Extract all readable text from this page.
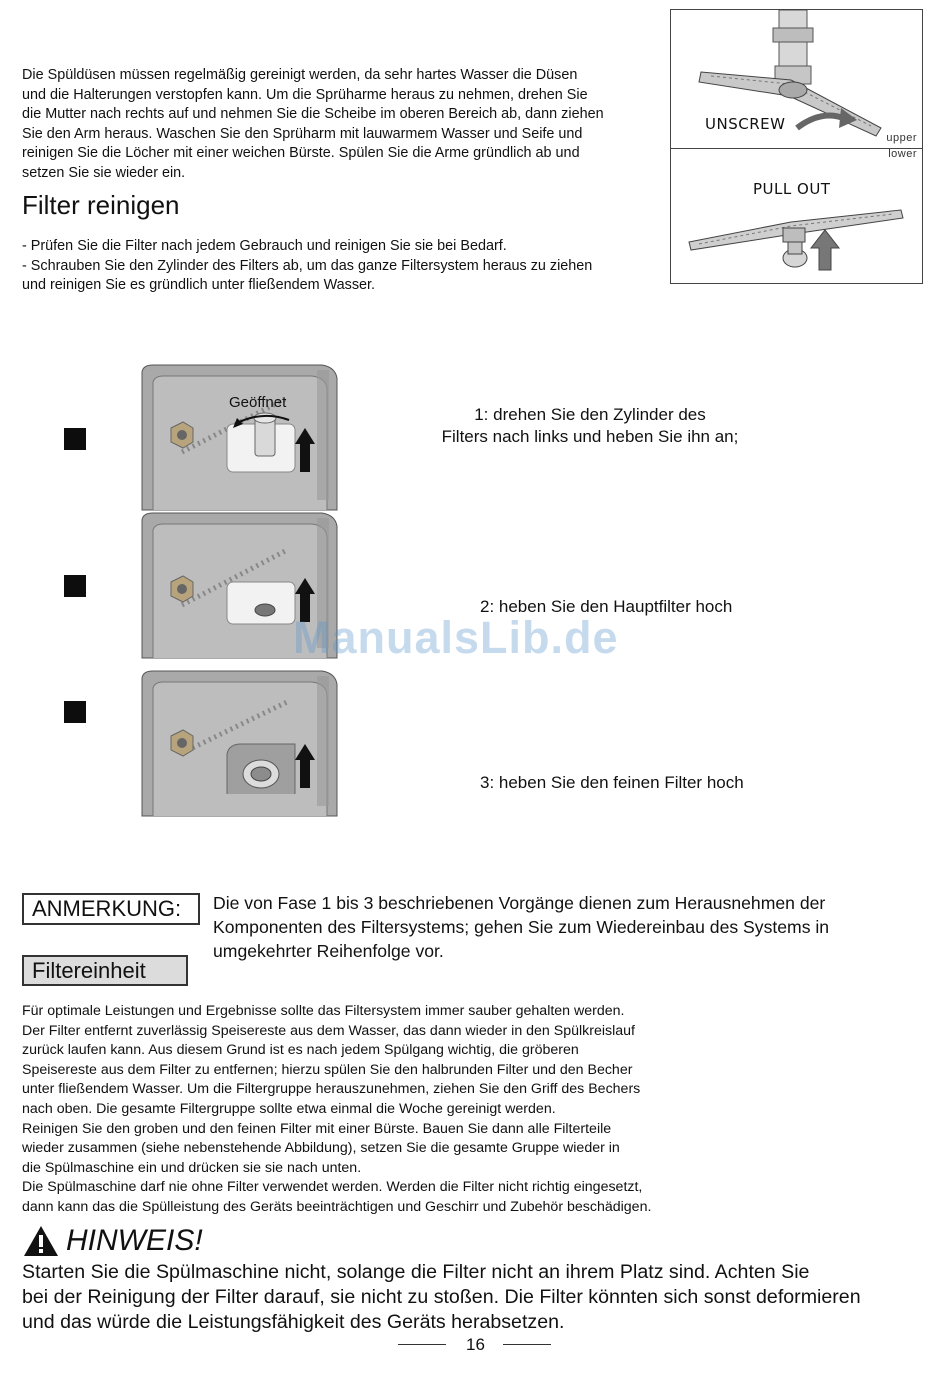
Die Spüldüsen müssen regelmäßig gereinigt werden, da sehr hartes Wasser die Düsen

und die Halterungen verstopfen kann. Um die Sprüharme heraus zu nehmen, drehen Sie

die Mutter nach rechts auf und nehmen Sie die Scheibe im oberen Bereich ab, dann ziehen

Sie den Arm heraus. Waschen Sie den Sprüharm mit lauwarmem Wasser und Seife und

reinigen Sie die Löcher mit einer weichen Bürste. Spülen Sie die Arme gründlich ab und

setzen Sie sie wieder ein.

Filter reinigen

- Prüfen Sie die Filter nach jedem Gebrauch und reinigen Sie sie bei Bedarf.

- Schrauben Sie den Zylinder des Filters ab, um das ganze Filtersystem heraus zu ziehen

und reinigen Sie es gründlich unter fließendem Wasser.

UNSCREW
upper
lower
PULL OUT
Geöffnet
1: drehen Sie den Zylinder des
Filters nach links und heben Sie ihn an;
2: heben Sie den Hauptfilter hoch
3: heben Sie den feinen Filter hoch
ManualsLib.de
ANMERKUNG:	Die von Fase 1 bis 3 beschriebenen Vorgänge dienen zum Herausnehmen der
Komponenten des Filtersystems; gehen Sie zum Wiedereinbau des Systems in
umgekehrter Reihenfolge vor.
Filtereinheit

Für optimale Leistungen und Ergebnisse sollte das Filtersystem immer sauber gehalten werden.

Der Filter entfernt zuverlässig Speisereste aus dem Wasser, das dann wieder in den Spülkreislauf

zurück laufen kann. Aus diesem Grund ist es nach jedem Spülgang wichtig, die gröberen

Speisereste aus dem Filter zu entfernen; hierzu spülen Sie den halbrunden Filter und den Becher

unter fließendem Wasser. Um die Filtergruppe herauszunehmen, ziehen Sie den Griff des Bechers

nach oben. Die gesamte Filtergruppe sollte etwa einmal die Woche gereinigt werden.

Reinigen Sie den groben und den feinen Filter mit einer Bürste. Bauen Sie dann alle Filterteile

wieder zusammen (siehe nebenstehende Abbildung), setzen Sie die gesamte Gruppe wieder in

die Spülmaschine ein und drücken sie sie nach unten.

Die Spülmaschine darf nie ohne Filter verwendet werden. Werden die Filter nicht richtig eingesetzt,

dann kann das die Spülleistung des Geräts beeinträchtigen und Geschirr und Zubehör beschädigen.

HINWEIS!

Starten Sie die Spülmaschine nicht, solange die Filter nicht an ihrem Platz sind. Achten Sie

bei der Reinigung der Filter darauf, sie nicht zu stoßen. Die Filter könnten sich sonst deformieren

und das würde die Leistungsfähigkeit des Geräts herabsetzen.

16
